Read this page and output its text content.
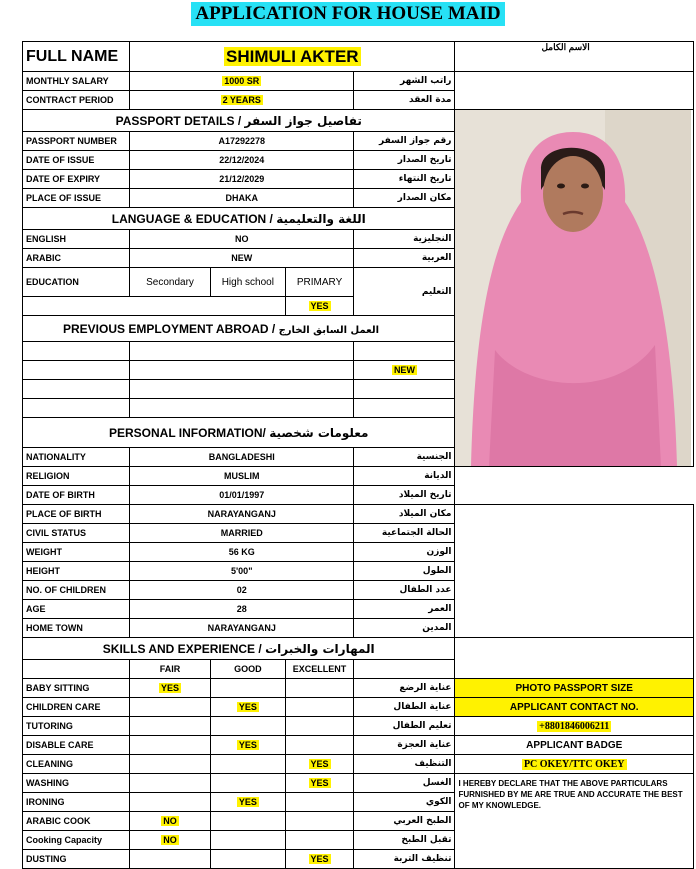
APPLICATION FOR HOUSE MAID
FULL NAME	SHIMULI AKTER				الاسم الكامل
MONTHLY SALARY	1000 SR			راتب الشهر	
CONTRACT PERIOD	2 YEARS			مدة العقد	
PASSPORT DETAILS / تفاصيل جواز السفر	

PASSPORT NUMBER	A17292278			رقم جواز السفر	
DATE OF ISSUE	22/12/2024			تاريخ الصدار	
DATE OF EXPIRY	21/12/2029			تاريخ النتهاء	
PLACE OF ISSUE	DHAKA			مكان الصدار	
LANGUAGE & EDUCATION / اللغة والتعليمية					
ENGLISH	NO			النجليزية	
ARABIC	NEW			العربية	
EDUCATION	Secondary	High school	PRIMARY	التعليم	
			YES		
PREVIOUS EMPLOYMENT ABROAD / العمل السابق الخارج					

				NEW	

PERSONAL INFORMATION/ معلومات شخصية					
NATIONALITY	BANGLADESHI			الجنسية	
RELIGION	MUSLIM			الديانة	
DATE OF BIRTH	01/01/1997			تاريخ الميلاد	
PLACE OF BIRTH	NARAYANGANJ			مكان الميلاد	
CIVIL STATUS	MARRIED			الحالة الجتماعية	
WEIGHT	56 KG			الوزن	
HEIGHT	5'00"			الطول	
NO. OF CHILDREN	02			عدد الطفال	
AGE	28			العمر	
HOME TOWN	NARAYANGANJ			المدين	
SKILLS AND EXPERIENCE / المهارات والخبرات					
	FAIR	GOOD	EXCELLENT		
BABY SITTING	YES			عناية الرضع	PHOTO PASSPORT SIZE
CHILDREN CARE		YES		عناية الطفال	APPLICANT CONTACT NO.
TUTORING				تعليم الطفال	+8801846006211
DISABLE CARE		YES		عناية العجزة	APPLICANT BADGE
CLEANING			YES	التنظيف	PC OKEY/TTC OKEY
WASHING			YES	الغسل	I HEREBY DECLARE THAT THE ABOVE PARTICULARS FURNISHED BY ME ARE TRUE AND ACCURATE THE BEST OF MY KNOWLEDGE.
IRONING		YES		الكوي	
ARABIC COOK	NO			الطبخ العربي	
Cooking Capacity	NO			تقبل الطبخ	
DUSTING			YES	تنظيف التربة	
